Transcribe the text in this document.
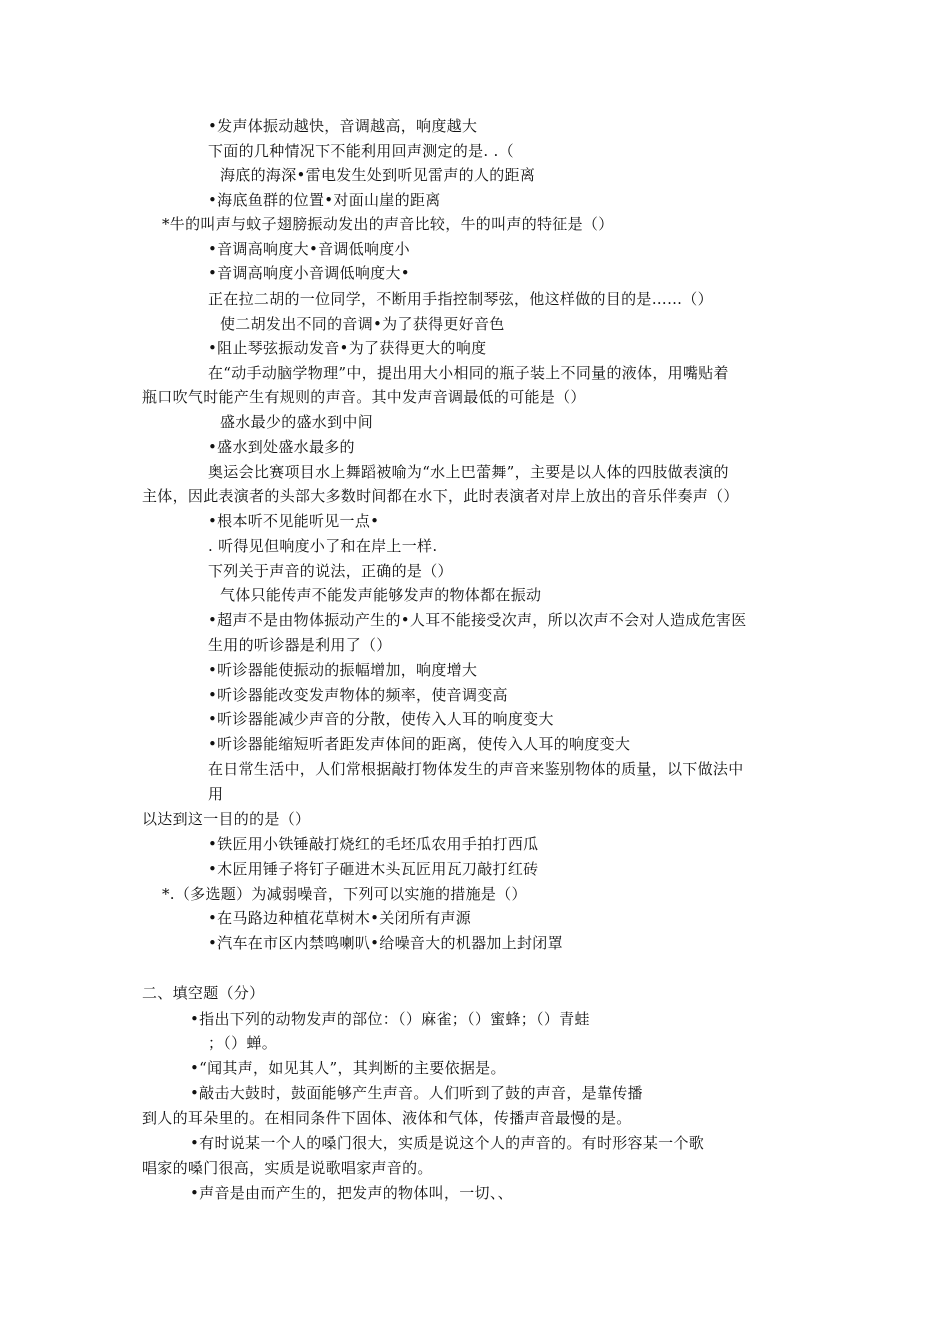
•发声体振动越快，音调越高，响度越大
下面的几种情况下不能利用回声测定的是. .（
海底的海深•雷电发生处到听见雷声的人的距离
•海底鱼群的位置•对面山崖的距离
*牛的叫声与蚊子翅膀振动发出的声音比较，牛的叫声的特征是（）
•音调高响度大•音调低响度小
•音调高响度小音调低响度大•
正在拉二胡的一位同学，不断用手指控制琴弦，他这样做的目的是……（）
使二胡发出不同的音调•为了获得更好音色
•阻止琴弦振动发音•为了获得更大的响度
在“动手动脑学物理”中，提出用大小相同的瓶子装上不同量的液体，用嘴贴着
瓶口吹气时能产生有规则的声音。其中发声音调最低的可能是（）
盛水最少的盛水到中间
•盛水到处盛水最多的
奥运会比赛项目水上舞蹈被喻为“水上巴蕾舞”，主要是以人体的四肢做表演的
主体，因此表演者的头部大多数时间都在水下，此时表演者对岸上放出的音乐伴奏声（）
•根本听不见能听见一点•
. 听得见但响度小了和在岸上一样.
下列关于声音的说法，正确的是（）
气体只能传声不能发声能够发声的物体都在振动
•超声不是由物体振动产生的•人耳不能接受次声，所以次声不会对人造成危害医
生用的听诊器是利用了（）
•听诊器能使振动的振幅增加，响度增大
•听诊器能改变发声物体的频率，使音调变高
•听诊器能减少声音的分散，使传入人耳的响度变大
•听诊器能缩短听者距发声体间的距离，使传入人耳的响度变大
在日常生活中，人们常根据敲打物体发生的声音来鉴别物体的质量，以下做法中
用
以达到这一目的的是（）
•铁匠用小铁锤敲打烧红的毛坯瓜农用手拍打西瓜
•木匠用锤子将钉子砸进木头瓦匠用瓦刀敲打红砖
*.（多选题）为减弱噪音，下列可以实施的措施是（）
•在马路边种植花草树木•关闭所有声源
•汽车在市区内禁鸣喇叭•给噪音大的机器加上封闭罩
二、填空题（分）
•指出下列的动物发声的部位：（）麻雀；（）蜜蜂；（）青蛙
；（）蝉。
•“闻其声，如见其人”，其判断的主要依据是。
•敲击大鼓时，鼓面能够产生声音。人们听到了鼓的声音，是靠传播
到人的耳朵里的。在相同条件下固体、液体和气体，传播声音最慢的是。
•有时说某一个人的嗓门很大，实质是说这个人的声音的。有时形容某一个歌
唱家的嗓门很高，实质是说歌唱家声音的。
•声音是由而产生的，把发声的物体叫，一切、、
